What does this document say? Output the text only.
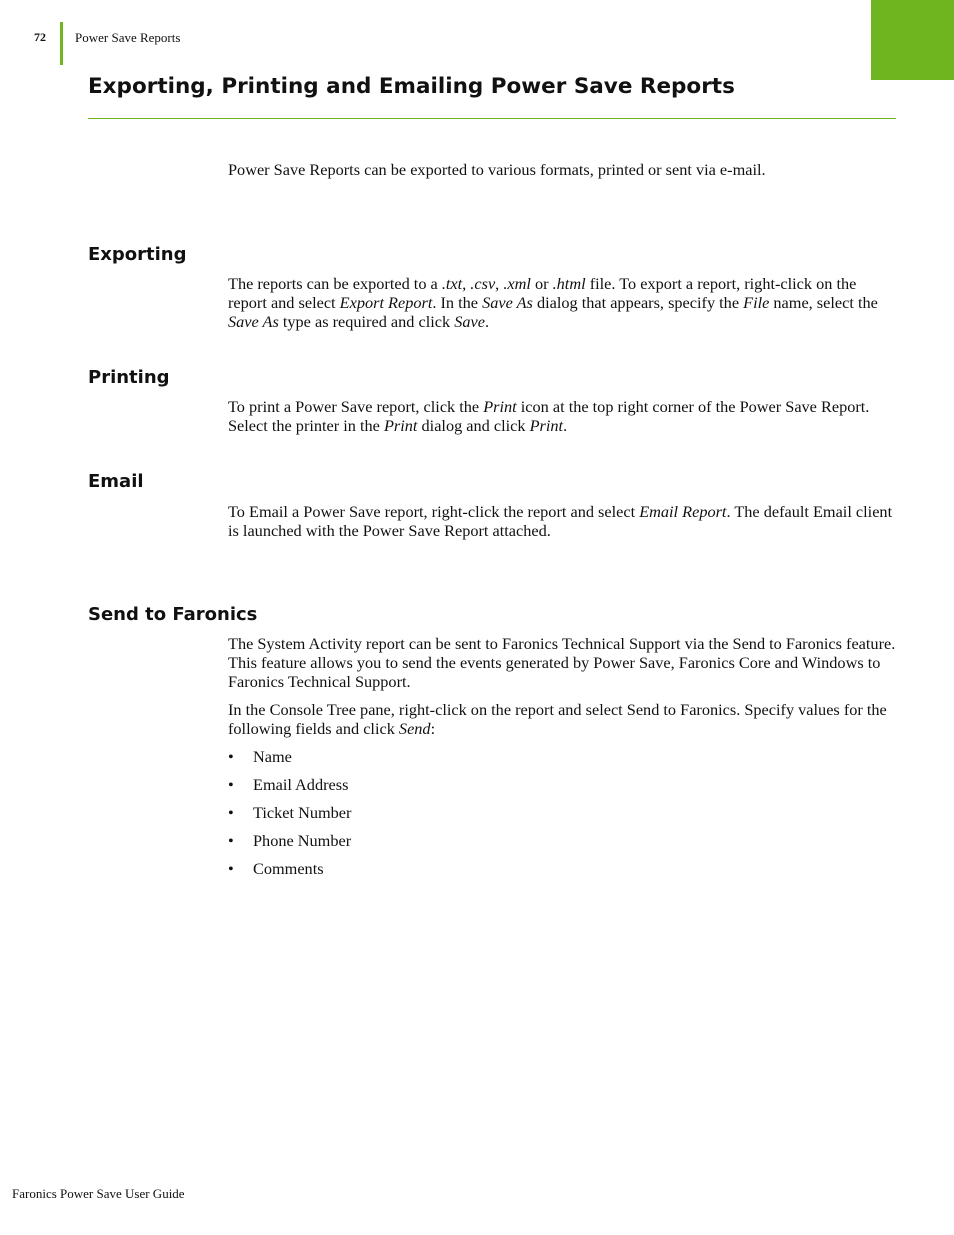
72 Power Save Reports
Exporting, Printing and Emailing Power Save Reports
Power Save Reports can be exported to various formats, printed or sent via e-mail.
Exporting

The reports can be exported to a .txt, .csv, .xml or .html file. To export a report, right-click on the report and select Export Report. In the Save As dialog that appears, specify the File name, select the Save As type as required and click Save.

Printing

To print a Power Save report, click the Print icon at the top right corner of the Power Save Report. Select the printer in the Print dialog and click Print.

Email

To Email a Power Save report, right-click the report and select Email Report. The default Email client is launched with the Power Save Report attached.

Send to Faronics

The System Activity report can be sent to Faronics Technical Support via the Send to Faronics feature. This feature allows you to send the events generated by Power Save, Faronics Core and Windows to Faronics Technical Support.

In the Console Tree pane, right-click on the report and select Send to Faronics. Specify values for the following fields and click Send:

• Name
• Email Address
• Ticket Number
• Phone Number
• Comments
Faronics Power Save User Guide
